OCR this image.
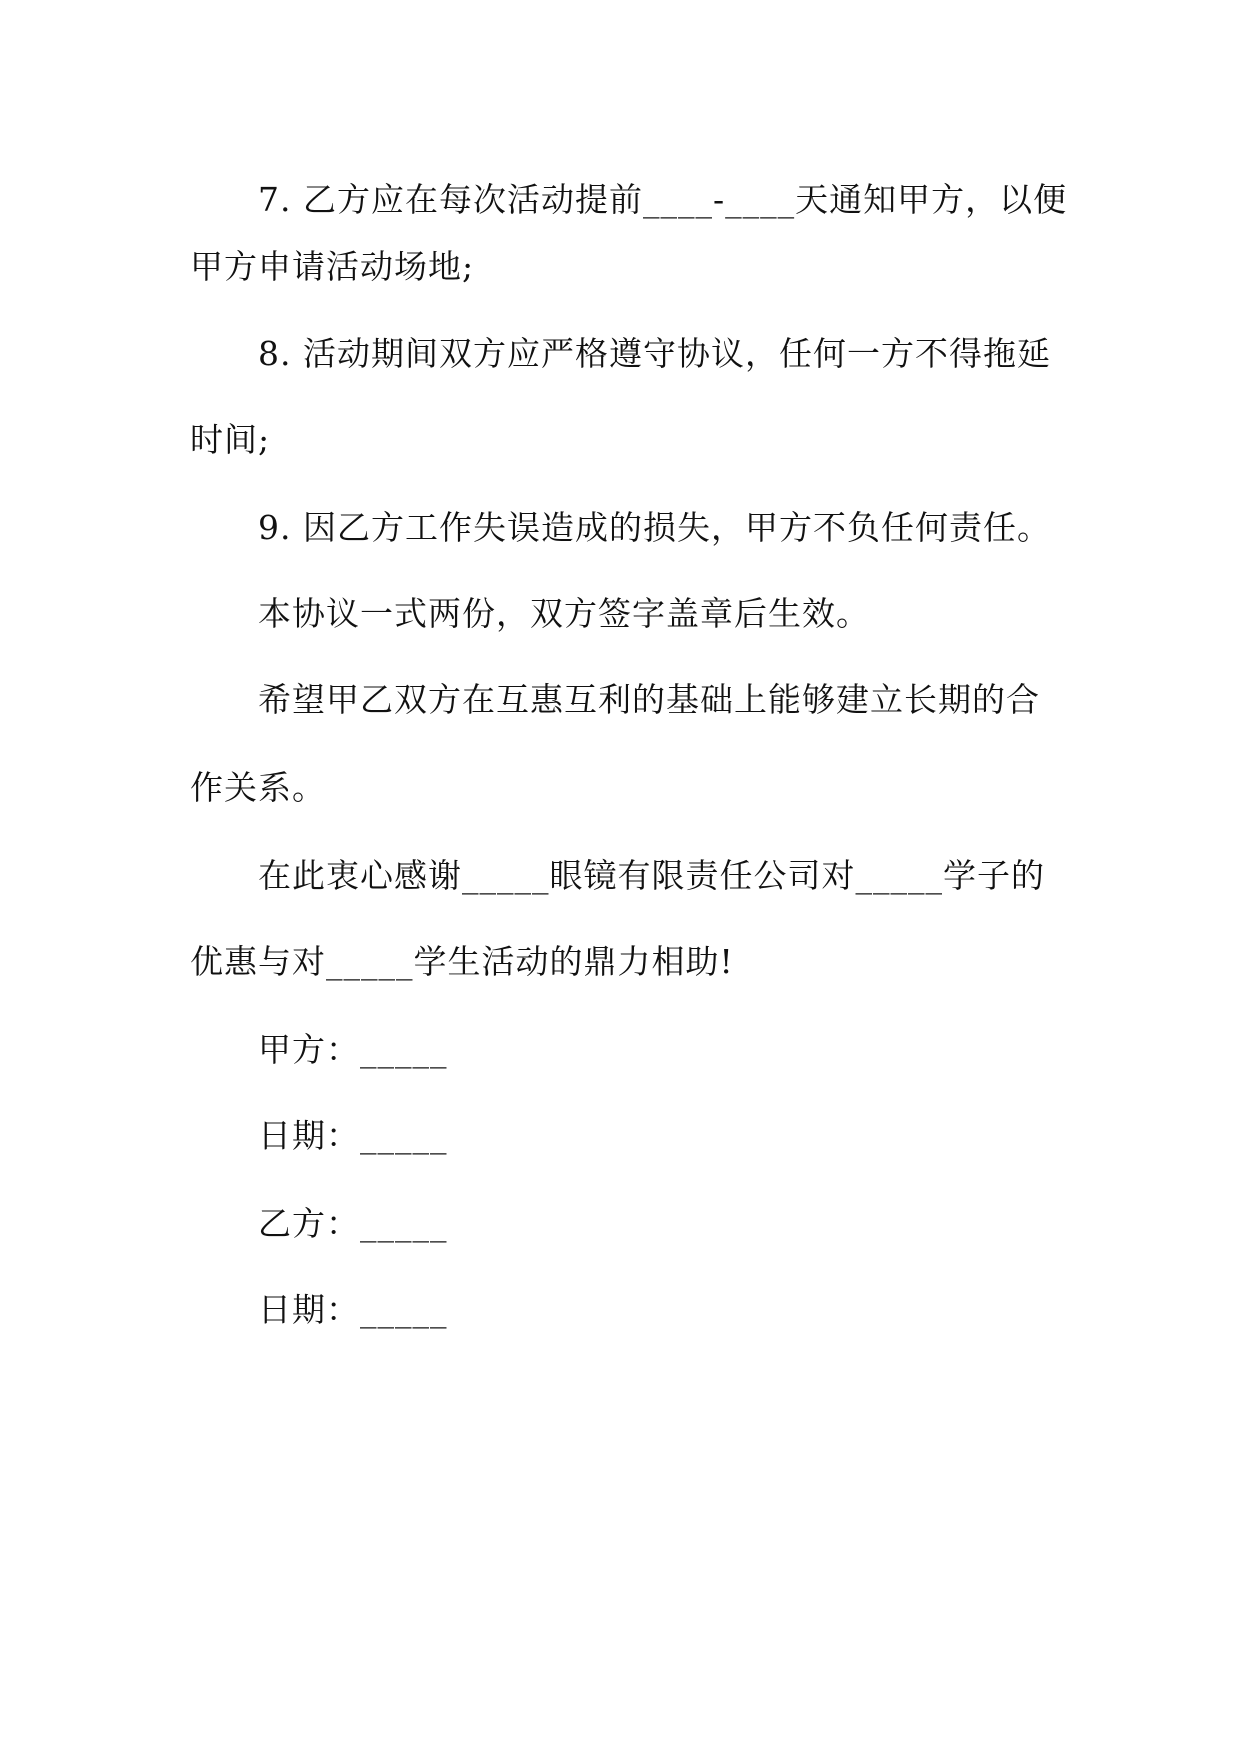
7. 乙方应在每次活动提前____-____天通知甲方，以便
甲方申请活动场地;
8. 活动期间双方应严格遵守协议，任何一方不得拖延
时间;
9. 因乙方工作失误造成的损失，甲方不负任何责任。
本协议一式两份，双方签字盖章后生效。
希望甲乙双方在互惠互利的基础上能够建立长期的合
作关系。
在此衷心感谢_____眼镜有限责任公司对_____学子的
优惠与对_____学生活动的鼎力相助!
甲方：_____
日期：_____
乙方：_____
日期：_____
